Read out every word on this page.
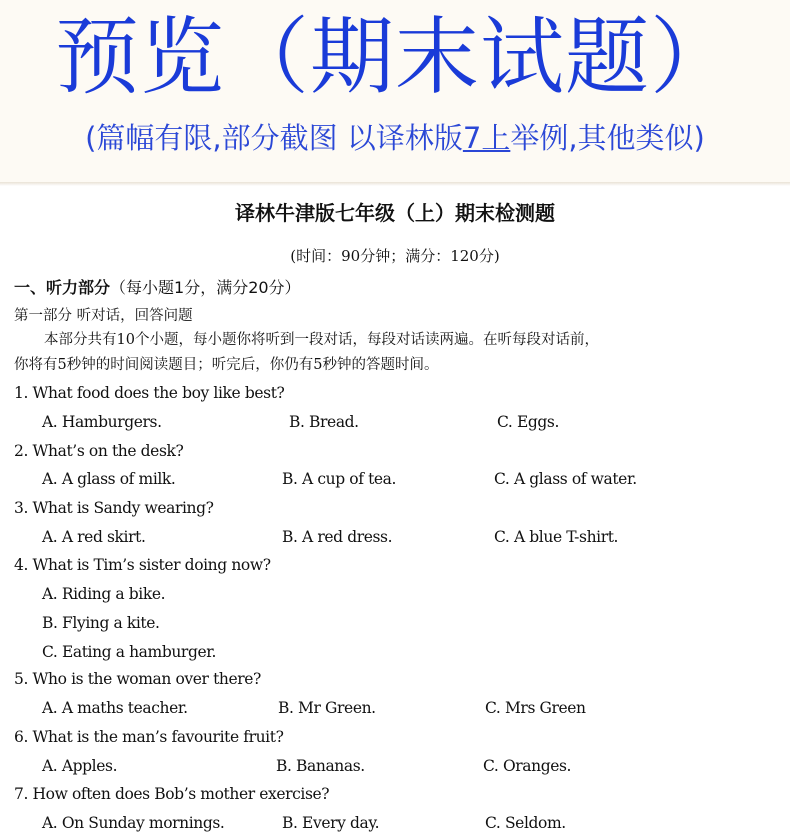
预览（期末试题）
(篇幅有限,部分截图 以译林版7上举例,其他类似)
译林牛津版七年级（上）期末检测题
(时间：90分钟；满分：120分)
一、听力部分（每小题1分，满分20分）
第一部分 听对话，回答问题
本部分共有10个小题，每小题你将听到一段对话，每段对话读两遍。在听每段对话前，
你将有5秒钟的时间阅读题目；听完后，你仍有5秒钟的答题时间。
1. What food does the boy like best?
A. Hamburgers.	B. Bread.	C. Eggs.
2. What’s on the desk?
A. A glass of milk.	B. A cup of tea.	C. A glass of water.
3. What is Sandy wearing?
A. A red skirt.	B. A red dress.	C. A blue T-shirt.
4. What is Tim’s sister doing now?
A. Riding a bike.
B. Flying a kite.
C. Eating a hamburger.
5. Who is the woman over there?
A. A maths teacher.	B. Mr Green.	C. Mrs Green
6. What is the man’s favourite fruit?
A. Apples.	B. Bananas.	C. Oranges.
7. How often does Bob’s mother exercise?
A. On Sunday mornings.	B. Every day.	C. Seldom.
